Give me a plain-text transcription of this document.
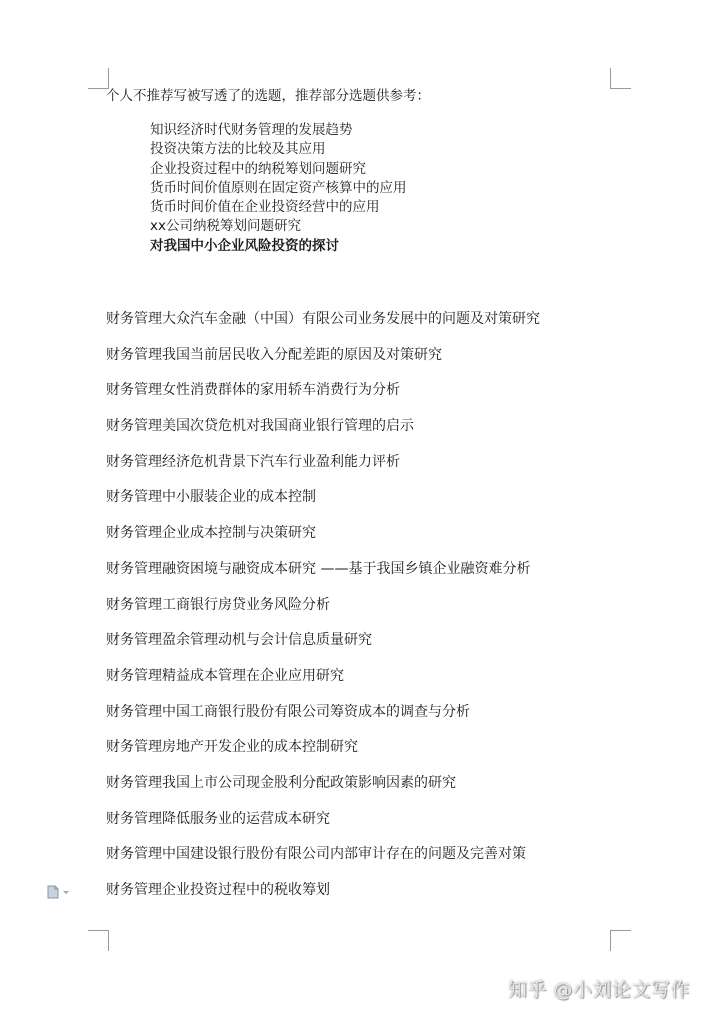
个人不推荐写被写透了的选题，推荐部分选题供参考：
知识经济时代财务管理的发展趋势
投资决策方法的比较及其应用
企业投资过程中的纳税筹划问题研究
货币时间价值原则在固定资产核算中的应用
货币时间价值在企业投资经营中的应用
xx公司纳税筹划问题研究
对我国中小企业风险投资的探讨
财务管理大众汽车金融（中国）有限公司业务发展中的问题及对策研究
财务管理我国当前居民收入分配差距的原因及对策研究
财务管理女性消费群体的家用轿车消费行为分析
财务管理美国次贷危机对我国商业银行管理的启示
财务管理经济危机背景下汽车行业盈利能力评析
财务管理中小服装企业的成本控制
财务管理企业成本控制与决策研究
财务管理融资困境与融资成本研究 ——基于我国乡镇企业融资难分析
财务管理工商银行房贷业务风险分析
财务管理盈余管理动机与会计信息质量研究
财务管理精益成本管理在企业应用研究
财务管理中国工商银行股份有限公司筹资成本的调查与分析
财务管理房地产开发企业的成本控制研究
财务管理我国上市公司现金股利分配政策影响因素的研究
财务管理降低服务业的运营成本研究
财务管理中国建设银行股份有限公司内部审计存在的问题及完善对策
财务管理企业投资过程中的税收筹划
知乎 @小刘论文写作
